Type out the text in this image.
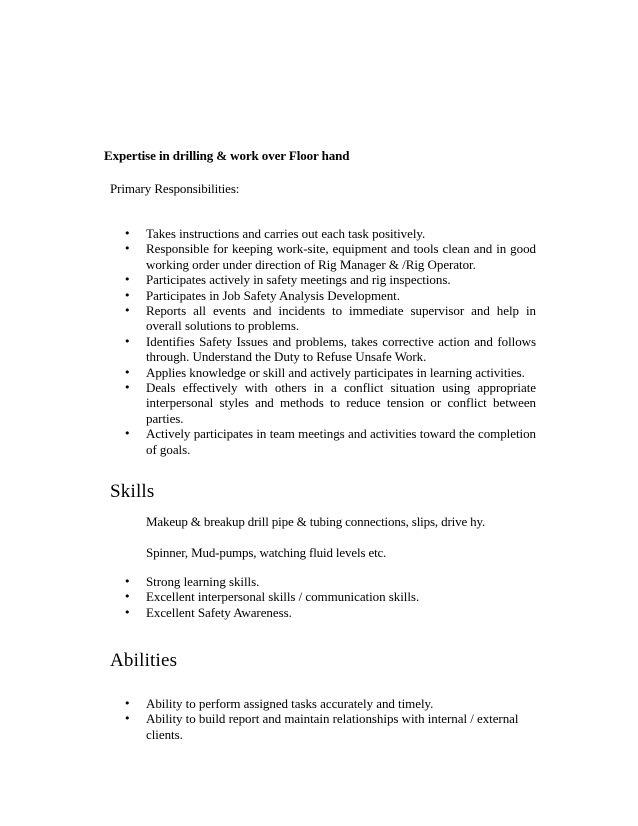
Expertise in drilling & work over Floor hand
Primary Responsibilities:
• Takes instructions and carries out each task positively.
• Responsible for keeping work-site, equipment and tools clean and in good working order under direction of Rig Manager & /Rig Operator.
• Participates actively in safety meetings and rig inspections.
• Participates in Job Safety Analysis Development.
• Reports all events and incidents to immediate supervisor and help in overall solutions to problems.
• Identifies Safety Issues and problems, takes corrective action and follows through. Understand the Duty to Refuse Unsafe Work.
• Applies knowledge or skill and actively participates in learning activities.
• Deals effectively with others in a conflict situation using appropriate interpersonal styles and methods to reduce tension or conflict between parties.
• Actively participates in team meetings and activities toward the completion of goals.
Skills
Makeup & breakup drill pipe & tubing connections, slips, drive hy.
Spinner, Mud-pumps, watching fluid levels etc.
• Strong learning skills.
• Excellent interpersonal skills / communication skills.
• Excellent Safety Awareness.
Abilities
• Ability to perform assigned tasks accurately and timely.
• Ability to build report and maintain relationships with internal / external clients.
